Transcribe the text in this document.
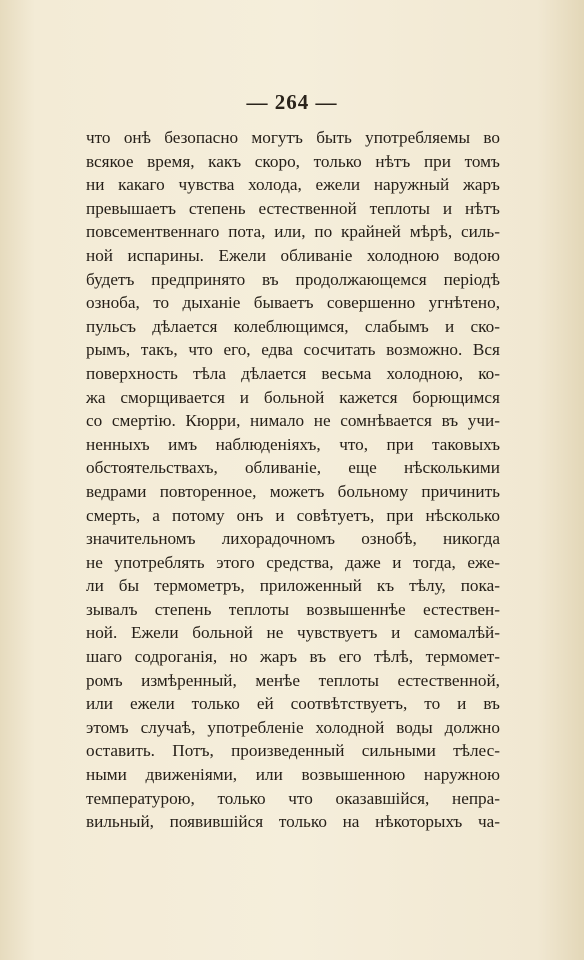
— 264 —
что онѣ безопасно могутъ быть употребляемы во
всякое время, какъ скоро, только нѣтъ при томъ
ни какаго чувства холода, ежели наружный жаръ
превышаетъ степень естественной теплоты и нѣтъ
повсементвеннаго пота, или, по крайней мѣрѣ, силь-
ной испарины. Ежели обливаніе холодною водою
будетъ предпринято въ продолжающемся періодѣ
озноба, то дыханіе бываетъ совершенно угнѣтено,
пульсъ дѣлается колеблющимся, слабымъ и ско-
рымъ, такъ, что его, едва сосчитать возможно. Вся
поверхность тѣла дѣлается весьма холодною, ко-
жа сморщивается и больной кажется борющимся
со смертію. Кюрри, нимало не сомнѣвается въ учи-
ненныхъ имъ наблюденіяхъ, что, при таковыхъ
обстоятельствахъ, обливаніе, еще нѣсколькими
ведрами повторенное, можетъ больному причинить
смерть, а потому онъ и совѣтуетъ, при нѣсколько
значительномъ лихорадочномъ ознобѣ, никогда
не употреблять этого средства, даже и тогда, еже-
ли бы термометръ, приложенный къ тѣлу, пока-
зывалъ степень теплоты возвышеннѣе естествен-
ной. Ежели больной не чувствуетъ и самомалѣй-
шаго содроганія, но жаръ въ его тѣлѣ, термомет-
ромъ измѣренный, менѣе теплоты естественной,
или ежели только ей соотвѣтствуетъ, то и въ
этомъ случаѣ, употребленіе холодной воды должно
оставить. Потъ, произведенный сильными тѣлес-
ными движеніями, или возвышенною наружною
температурою, только что оказавшійся, непра-
вильный, появившійся только на нѣкоторыхъ ча-
